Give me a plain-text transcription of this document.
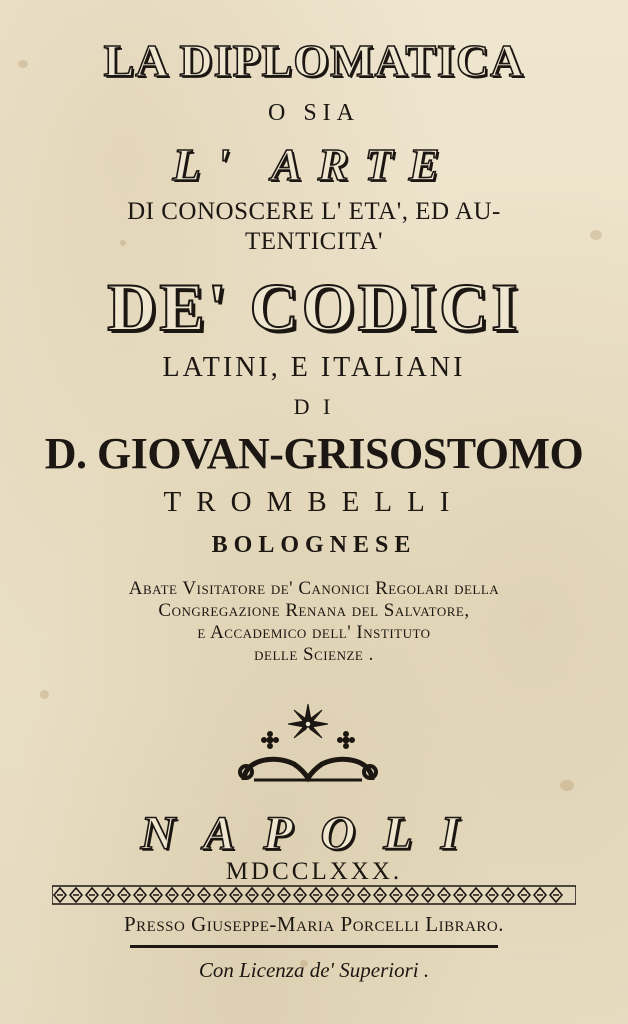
LA DIPLOMATICA
O SIA
L' ARTE
DI CONOSCERE L' ETA', ED AU-
TENTICITA'
DE' CODICI
LATINI, E ITALIANI
D I
D. GIOVAN-GRISOSTOMO
TROMBELLI
BOLOGNESE
Abate Visitatore de' Canonici Regolari della
Congregazione Renana del Salvatore,
e Accademico dell' Instituto
delle Scienze .
NAPOLI
MDCCLXXX.
Presso Giuseppe-Maria Porcelli Libraro.
Con Licenza de' Superiori .
